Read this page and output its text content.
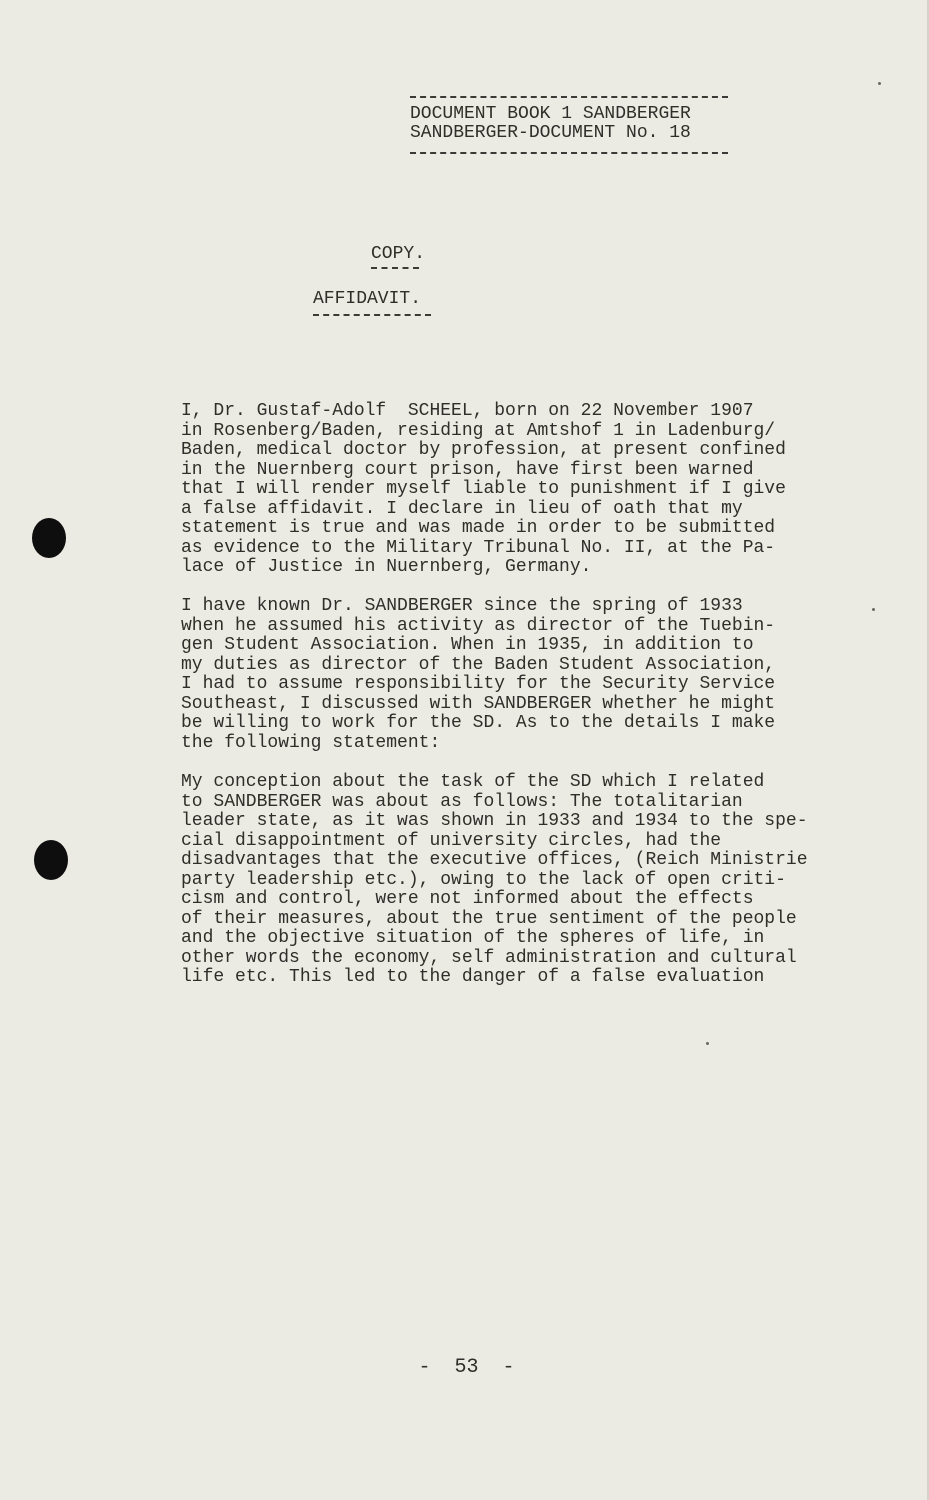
DOCUMENT BOOK 1 SANDBERGER
SANDBERGER-DOCUMENT No. 18
COPY.
AFFIDAVIT.
I, Dr. Gustaf-Adolf  SCHEEL, born on 22 November 1907
in Rosenberg/Baden, residing at Amtshof 1 in Ladenburg/
Baden, medical doctor by profession, at present confined
in the Nuernberg court prison, have first been warned
that I will render myself liable to punishment if I give
a false affidavit. I declare in lieu of oath that my
statement is true and was made in order to be submitted
as evidence to the Military Tribunal No. II, at the Pa-
lace of Justice in Nuernberg, Germany.
I have known Dr. SANDBERGER since the spring of 1933
when he assumed his activity as director of the Tuebin-
gen Student Association. When in 1935, in addition to
my duties as director of the Baden Student Association,
I had to assume responsibility for the Security Service
Southeast, I discussed with SANDBERGER whether he might
be willing to work for the SD. As to the details I make
the following statement:
My conception about the task of the SD which I related
to SANDBERGER was about as follows: The totalitarian
leader state, as it was shown in 1933 and 1934 to the spe-
cial disappointment of university circles, had the
disadvantages that the executive offices, (Reich Ministrie
party leadership etc.), owing to the lack of open criti-
cism and control, were not informed about the effects
of their measures, about the true sentiment of the people
and the objective situation of the spheres of life, in
other words the economy, self administration and cultural
life etc. This led to the danger of a false evaluation
-  53  -
